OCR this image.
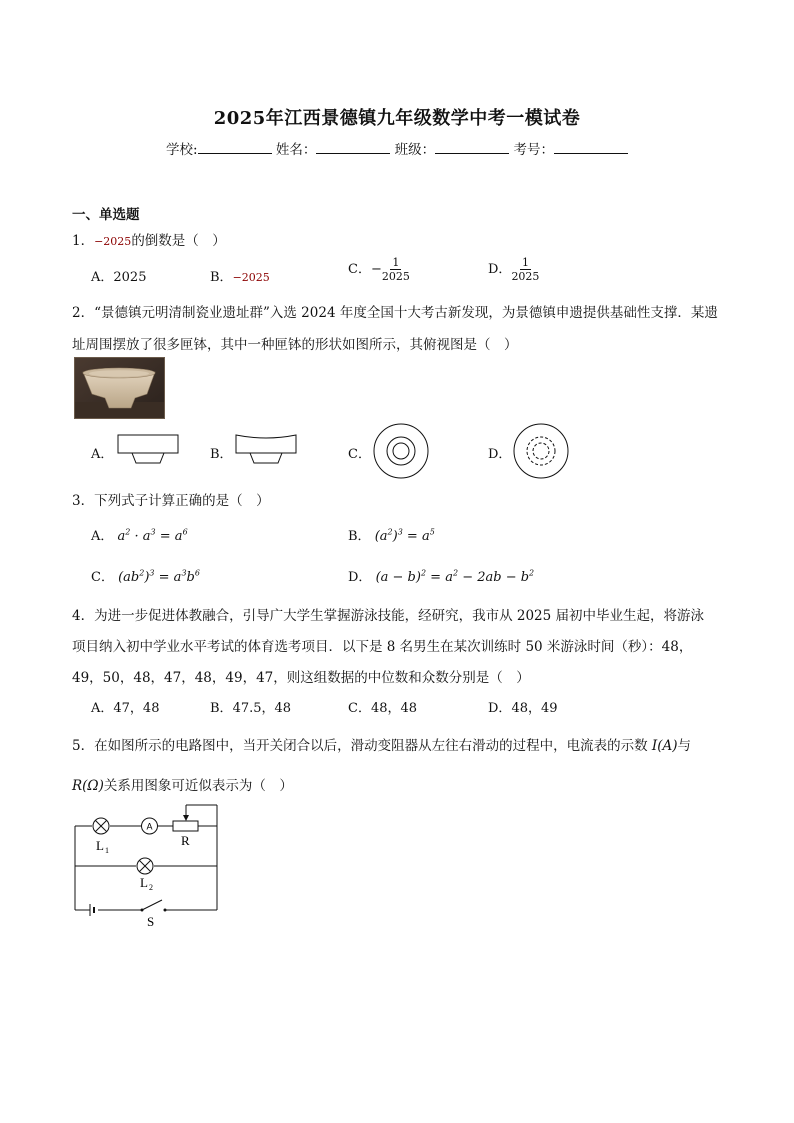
2025年江西景德镇九年级数学中考一模试卷
学校:	姓名：	班级：	考号：
一、单选题
1．−2025的倒数是（　）
A．2025	B．−2025
C．− $\frac{1}{2025}$	D． $\frac{1}{2025}$
2．“景德镇元明清制瓷业遗址群”入选 2024 年度全国十大考古新发现，为景德镇申遗提供基础性支撑．某遗
址周围摆放了很多匣钵，其中一种匣钵的形状如图所示，其俯视图是（　）
A．	B．	C．	D．
3．下列式子计算正确的是（　）
A． $a^2 \cdot a^3 = a^6$	B． $(a^2)^3 = a^5$
C． $(ab^2)^3 = a^3b^6$	D． $(a - b)^2 = a^2 - 2ab - b^2$
4．为进一步促进体教融合，引导广大学生掌握游泳技能，经研究，我市从 2025 届初中毕业生起，将游泳
项目纳入初中学业水平考试的体育选考项目．以下是 8 名男生在某次训练时 50 米游泳时间（秒）：48，
49，50，48，47，48，49，47，则这组数据的中位数和众数分别是（　）
A．47，48	B．47.5，48	C．48，48	D．48，49
5．在如图所示的电路图中，当开关闭合以后，滑动变阻器从左往右滑动的过程中，电流表的示数 I(A)与
R(Ω)关系用图象可近似表示为（　）
A
L 1
R
L 2
S
